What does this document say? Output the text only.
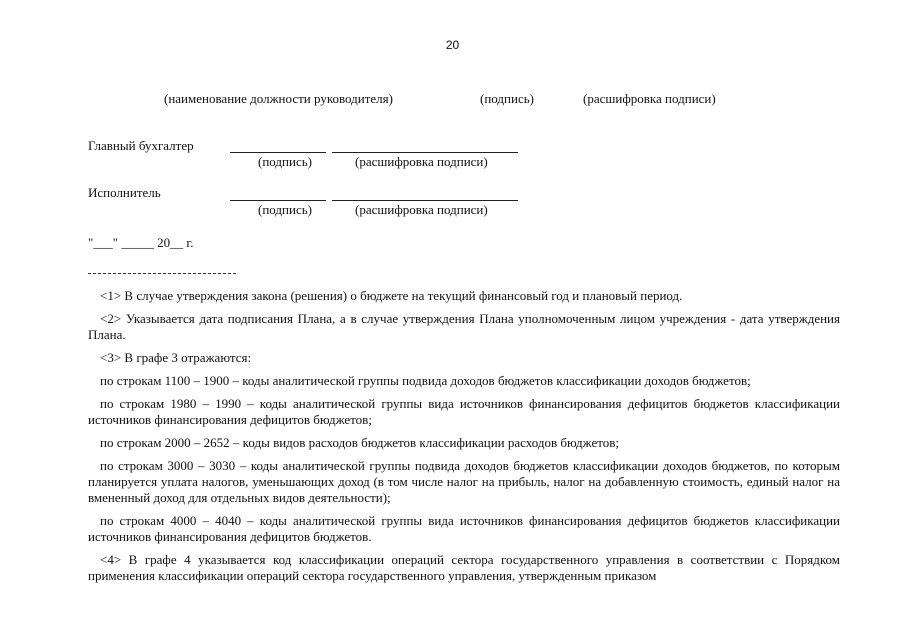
20
(наименование должности руководителя)	(подпись)	(расшифровка подписи)
Главный бухгалтер
(подпись)	(расшифровка подписи)
Исполнитель
(подпись)	(расшифровка подписи)
"___" _____ 20__ г.

<1> В случае утверждения закона (решения) о бюджете на текущий финансовый год и плановый период.

<2> Указывается дата подписания Плана, а в случае утверждения Плана уполномоченным лицом учреждения - дата утверждения Плана.

<3> В графе 3 отражаются:

по строкам 1100 – 1900 – коды аналитической группы подвида доходов бюджетов классификации доходов бюджетов;

по строкам 1980 – 1990 – коды аналитической группы вида источников финансирования дефицитов бюджетов классификации источников финансирования дефицитов бюджетов;

по строкам 2000 – 2652 – коды видов расходов бюджетов классификации расходов бюджетов;

по строкам 3000 – 3030 – коды аналитической группы подвида доходов бюджетов классификации доходов бюджетов, по которым планируется уплата налогов, уменьшающих доход (в том числе налог на прибыль, налог на добавленную стоимость, единый налог на вмененный доход для отдельных видов деятельности);

по строкам 4000 – 4040 – коды аналитической группы вида источников финансирования дефицитов бюджетов классификации источников финансирования дефицитов бюджетов.

<4> В графе 4 указывается код классификации операций сектора государственного управления в соответствии с Порядком применения классификации операций сектора государственного управления, утвержденным приказом
